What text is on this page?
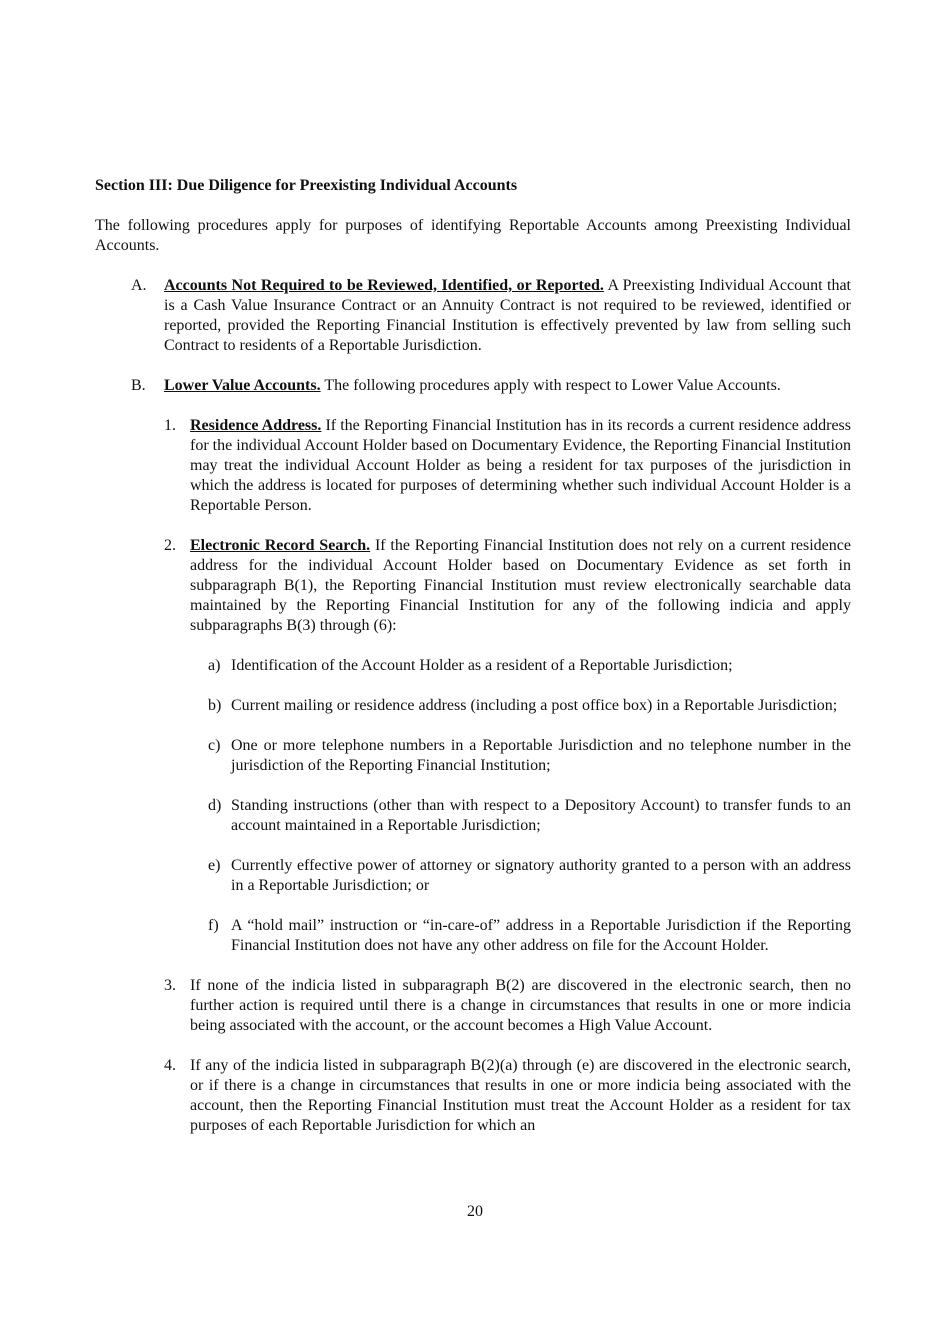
Section III: Due Diligence for Preexisting Individual Accounts

The following procedures apply for purposes of identifying Reportable Accounts among Preexisting Individual Accounts.

A. Accounts Not Required to be Reviewed, Identified, or Reported. A Preexisting Individual Account that is a Cash Value Insurance Contract or an Annuity Contract is not required to be reviewed, identified or reported, provided the Reporting Financial Institution is effectively prevented by law from selling such Contract to residents of a Reportable Jurisdiction.
B. Lower Value Accounts. The following procedures apply with respect to Lower Value Accounts.
1. Residence Address. If the Reporting Financial Institution has in its records a current residence address for the individual Account Holder based on Documentary Evidence, the Reporting Financial Institution may treat the individual Account Holder as being a resident for tax purposes of the jurisdiction in which the address is located for purposes of determining whether such individual Account Holder is a Reportable Person.
2. Electronic Record Search. If the Reporting Financial Institution does not rely on a current residence address for the individual Account Holder based on Documentary Evidence as set forth in subparagraph B(1), the Reporting Financial Institution must review electronically searchable data maintained by the Reporting Financial Institution for any of the following indicia and apply subparagraphs B(3) through (6):
a) Identification of the Account Holder as a resident of a Reportable Jurisdiction;
b) Current mailing or residence address (including a post office box) in a Reportable Jurisdiction;
c) One or more telephone numbers in a Reportable Jurisdiction and no telephone number in the jurisdiction of the Reporting Financial Institution;
d) Standing instructions (other than with respect to a Depository Account) to transfer funds to an account maintained in a Reportable Jurisdiction;
e) Currently effective power of attorney or signatory authority granted to a person with an address in a Reportable Jurisdiction; or
f) A “hold mail” instruction or “in-care-of” address in a Reportable Jurisdiction if the Reporting Financial Institution does not have any other address on file for the Account Holder.
3. If none of the indicia listed in subparagraph B(2) are discovered in the electronic search, then no further action is required until there is a change in circumstances that results in one or more indicia being associated with the account, or the account becomes a High Value Account.
4. If any of the indicia listed in subparagraph B(2)(a) through (e) are discovered in the electronic search, or if there is a change in circumstances that results in one or more indicia being associated with the account, then the Reporting Financial Institution must treat the Account Holder as a resident for tax purposes of each Reportable Jurisdiction for which an
20
